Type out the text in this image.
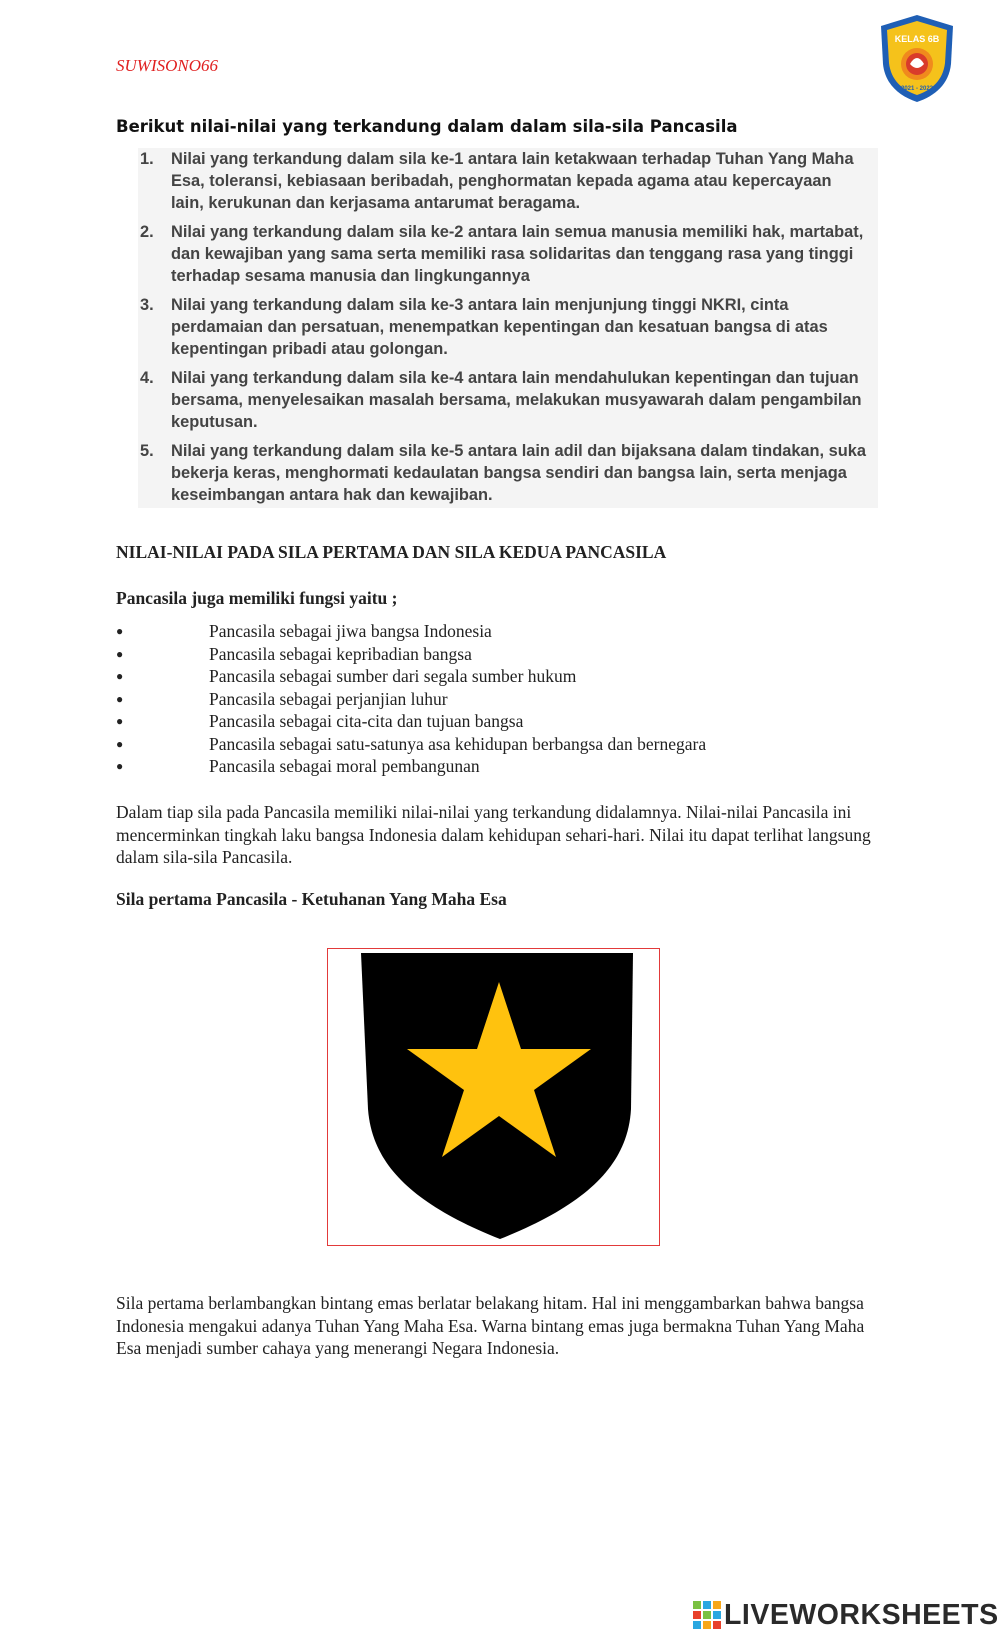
SUWISONO66
KELAS 6B
2021 - 2022
Berikut nilai-nilai yang terkandung dalam dalam sila-sila Pancasila
1. Nilai yang terkandung dalam sila ke-1 antara lain ketakwaan terhadap Tuhan Yang Maha Esa, toleransi, kebiasaan beribadah, penghormatan kepada agama atau kepercayaan lain, kerukunan dan kerjasama antarumat beragama.
2. Nilai yang terkandung dalam sila ke-2 antara lain semua manusia memiliki hak, martabat, dan kewajiban yang sama serta memiliki rasa solidaritas dan tenggang rasa yang tinggi terhadap sesama manusia dan lingkungannya
3. Nilai yang terkandung dalam sila ke-3 antara lain menjunjung tinggi NKRI, cinta perdamaian dan persatuan, menempatkan kepentingan dan kesatuan bangsa di atas kepentingan pribadi atau golongan.
4. Nilai yang terkandung dalam sila ke-4 antara lain mendahulukan kepentingan dan tujuan bersama, menyelesaikan masalah bersama, melakukan musyawarah dalam pengambilan keputusan.
5. Nilai yang terkandung dalam sila ke-5 antara lain adil dan bijaksana dalam tindakan, suka bekerja keras, menghormati kedaulatan bangsa sendiri dan bangsa lain, serta menjaga keseimbangan antara hak dan kewajiban.
NILAI-NILAI PADA SILA PERTAMA DAN SILA KEDUA PANCASILA
Pancasila juga memiliki fungsi yaitu ;
●	Pancasila sebagai jiwa bangsa Indonesia
●	Pancasila sebagai kepribadian bangsa
●	Pancasila sebagai sumber dari segala sumber hukum
●	Pancasila sebagai perjanjian luhur
●	Pancasila sebagai cita-cita dan tujuan bangsa
●	Pancasila sebagai satu-satunya asa kehidupan berbangsa dan bernegara
●	Pancasila sebagai moral pembangunan
Dalam tiap sila pada Pancasila memiliki nilai-nilai yang terkandung didalamnya. Nilai-nilai Pancasila ini mencerminkan tingkah laku bangsa Indonesia dalam kehidupan sehari-hari. Nilai itu dapat terlihat langsung dalam sila-sila Pancasila.
Sila pertama Pancasila - Ketuhanan Yang Maha Esa
Sila pertama berlambangkan bintang emas berlatar belakang hitam. Hal ini menggambarkan bahwa bangsa Indonesia mengakui adanya Tuhan Yang Maha Esa. Warna bintang emas juga bermakna Tuhan Yang Maha Esa menjadi sumber cahaya yang menerangi Negara Indonesia.
LIVEWORKSHEETS
